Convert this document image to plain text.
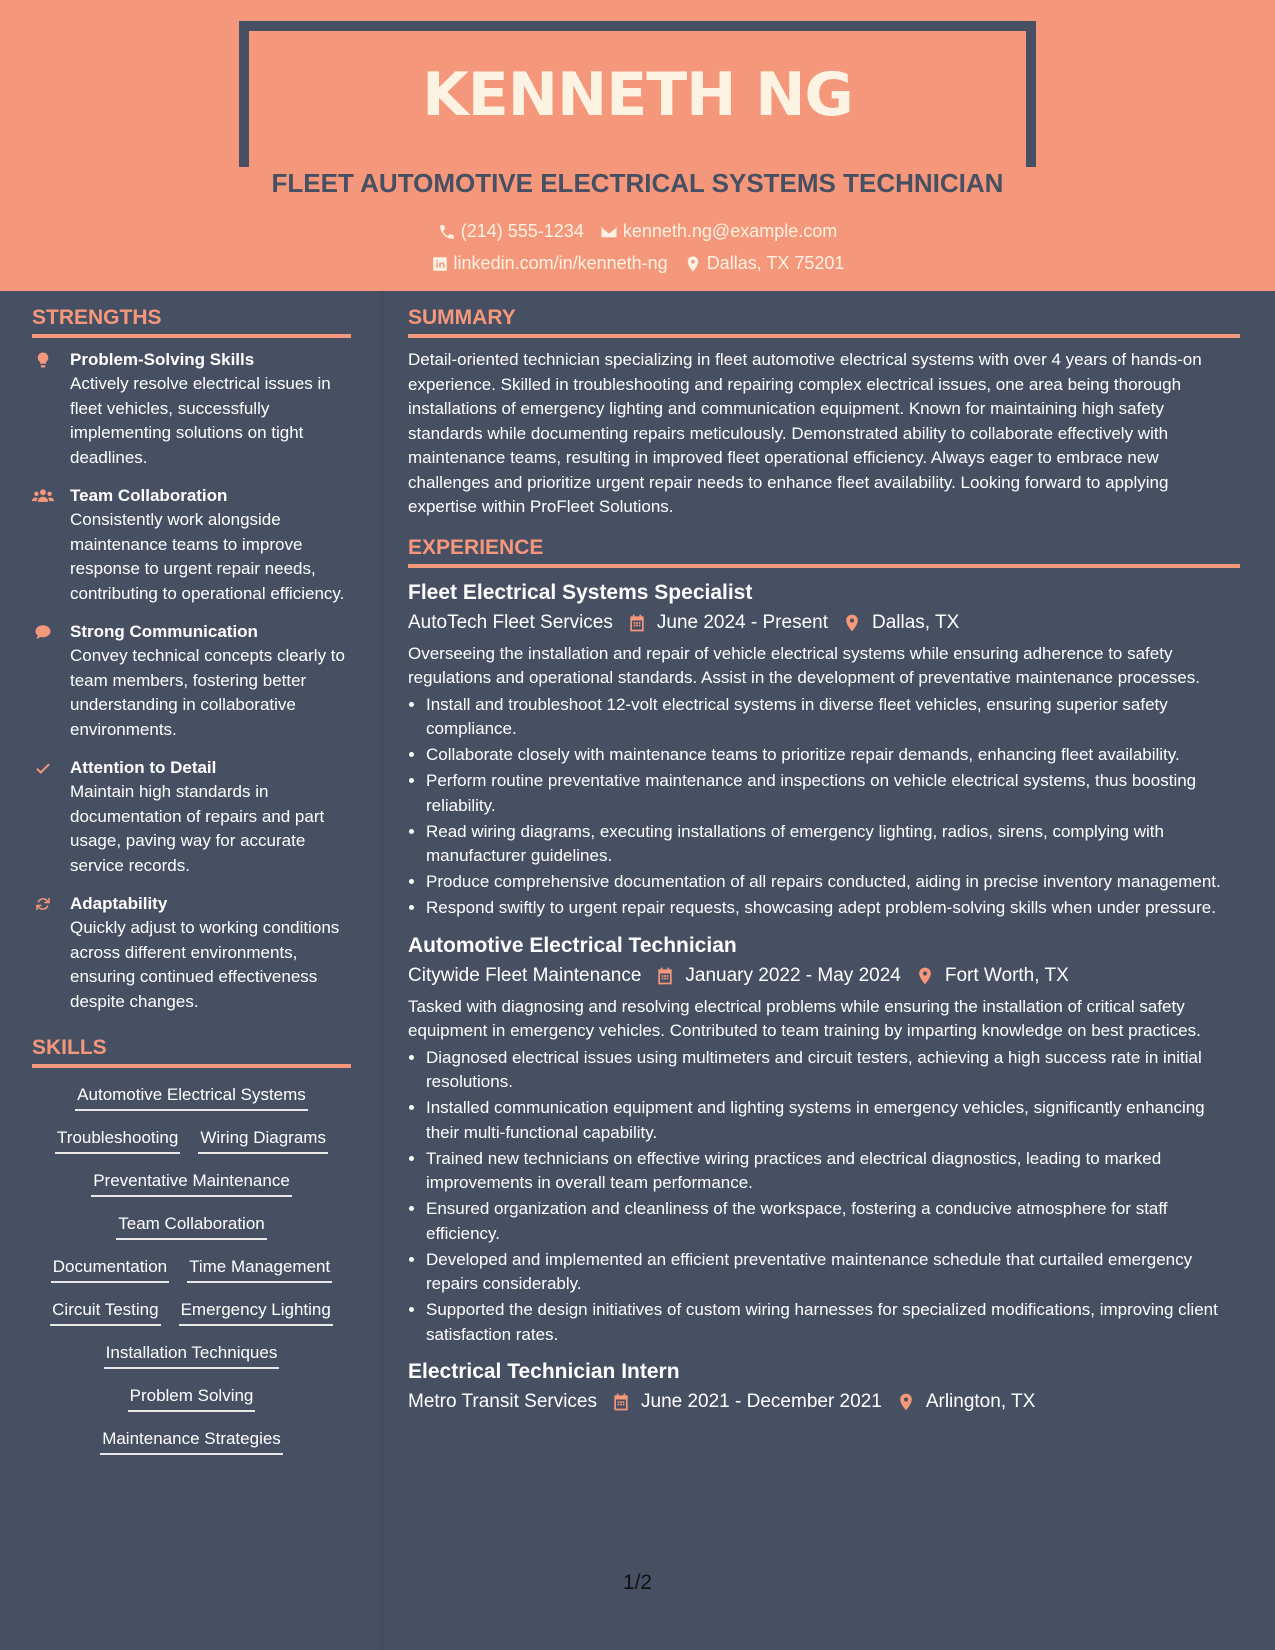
KENNETH NG
FLEET AUTOMOTIVE ELECTRICAL SYSTEMS TECHNICIAN
(214) 555-1234 kenneth.ng@example.com
linkedin.com/in/kenneth-ng Dallas, TX 75201
STRENGTHS
Problem-Solving Skills
Actively resolve electrical issues in fleet vehicles, successfully implementing solutions on tight deadlines.
Team Collaboration
Consistently work alongside maintenance teams to improve response to urgent repair needs, contributing to operational efficiency.
Strong Communication
Convey technical concepts clearly to team members, fostering better understanding in collaborative environments.
Attention to Detail
Maintain high standards in documentation of repairs and part usage, paving way for accurate service records.
Adaptability
Quickly adjust to working conditions across different environments, ensuring continued effectiveness despite changes.
SKILLS
Automotive Electrical Systems
Troubleshooting Wiring Diagrams
Preventative Maintenance
Team Collaboration
Documentation Time Management
Circuit Testing Emergency Lighting
Installation Techniques
Problem Solving
Maintenance Strategies
SUMMARY
Detail-oriented technician specializing in fleet automotive electrical systems with over 4 years of hands-on experience. Skilled in troubleshooting and repairing complex electrical issues, one area being thorough installations of emergency lighting and communication equipment. Known for maintaining high safety standards while documenting repairs meticulously. Demonstrated ability to collaborate effectively with maintenance teams, resulting in improved fleet operational efficiency. Always eager to embrace new challenges and prioritize urgent repair needs to enhance fleet availability. Looking forward to applying expertise within ProFleet Solutions.
EXPERIENCE
Fleet Electrical Systems Specialist
AutoTech Fleet Services June 2024 - Present Dallas, TX
Overseeing the installation and repair of vehicle electrical systems while ensuring adherence to safety regulations and operational standards. Assist in the development of preventative maintenance processes.
• Install and troubleshoot 12-volt electrical systems in diverse fleet vehicles, ensuring superior safety compliance.
• Collaborate closely with maintenance teams to prioritize repair demands, enhancing fleet availability.
• Perform routine preventative maintenance and inspections on vehicle electrical systems, thus boosting reliability.
• Read wiring diagrams, executing installations of emergency lighting, radios, sirens, complying with manufacturer guidelines.
• Produce comprehensive documentation of all repairs conducted, aiding in precise inventory management.
• Respond swiftly to urgent repair requests, showcasing adept problem-solving skills when under pressure.
Automotive Electrical Technician
Citywide Fleet Maintenance January 2022 - May 2024 Fort Worth, TX
Tasked with diagnosing and resolving electrical problems while ensuring the installation of critical safety equipment in emergency vehicles. Contributed to team training by imparting knowledge on best practices.
• Diagnosed electrical issues using multimeters and circuit testers, achieving a high success rate in initial resolutions.
• Installed communication equipment and lighting systems in emergency vehicles, significantly enhancing their multi-functional capability.
• Trained new technicians on effective wiring practices and electrical diagnostics, leading to marked improvements in overall team performance.
• Ensured organization and cleanliness of the workspace, fostering a conducive atmosphere for staff efficiency.
• Developed and implemented an efficient preventative maintenance schedule that curtailed emergency repairs considerably.
• Supported the design initiatives of custom wiring harnesses for specialized modifications, improving client satisfaction rates.
Electrical Technician Intern
Metro Transit Services June 2021 - December 2021 Arlington, TX
1/2
